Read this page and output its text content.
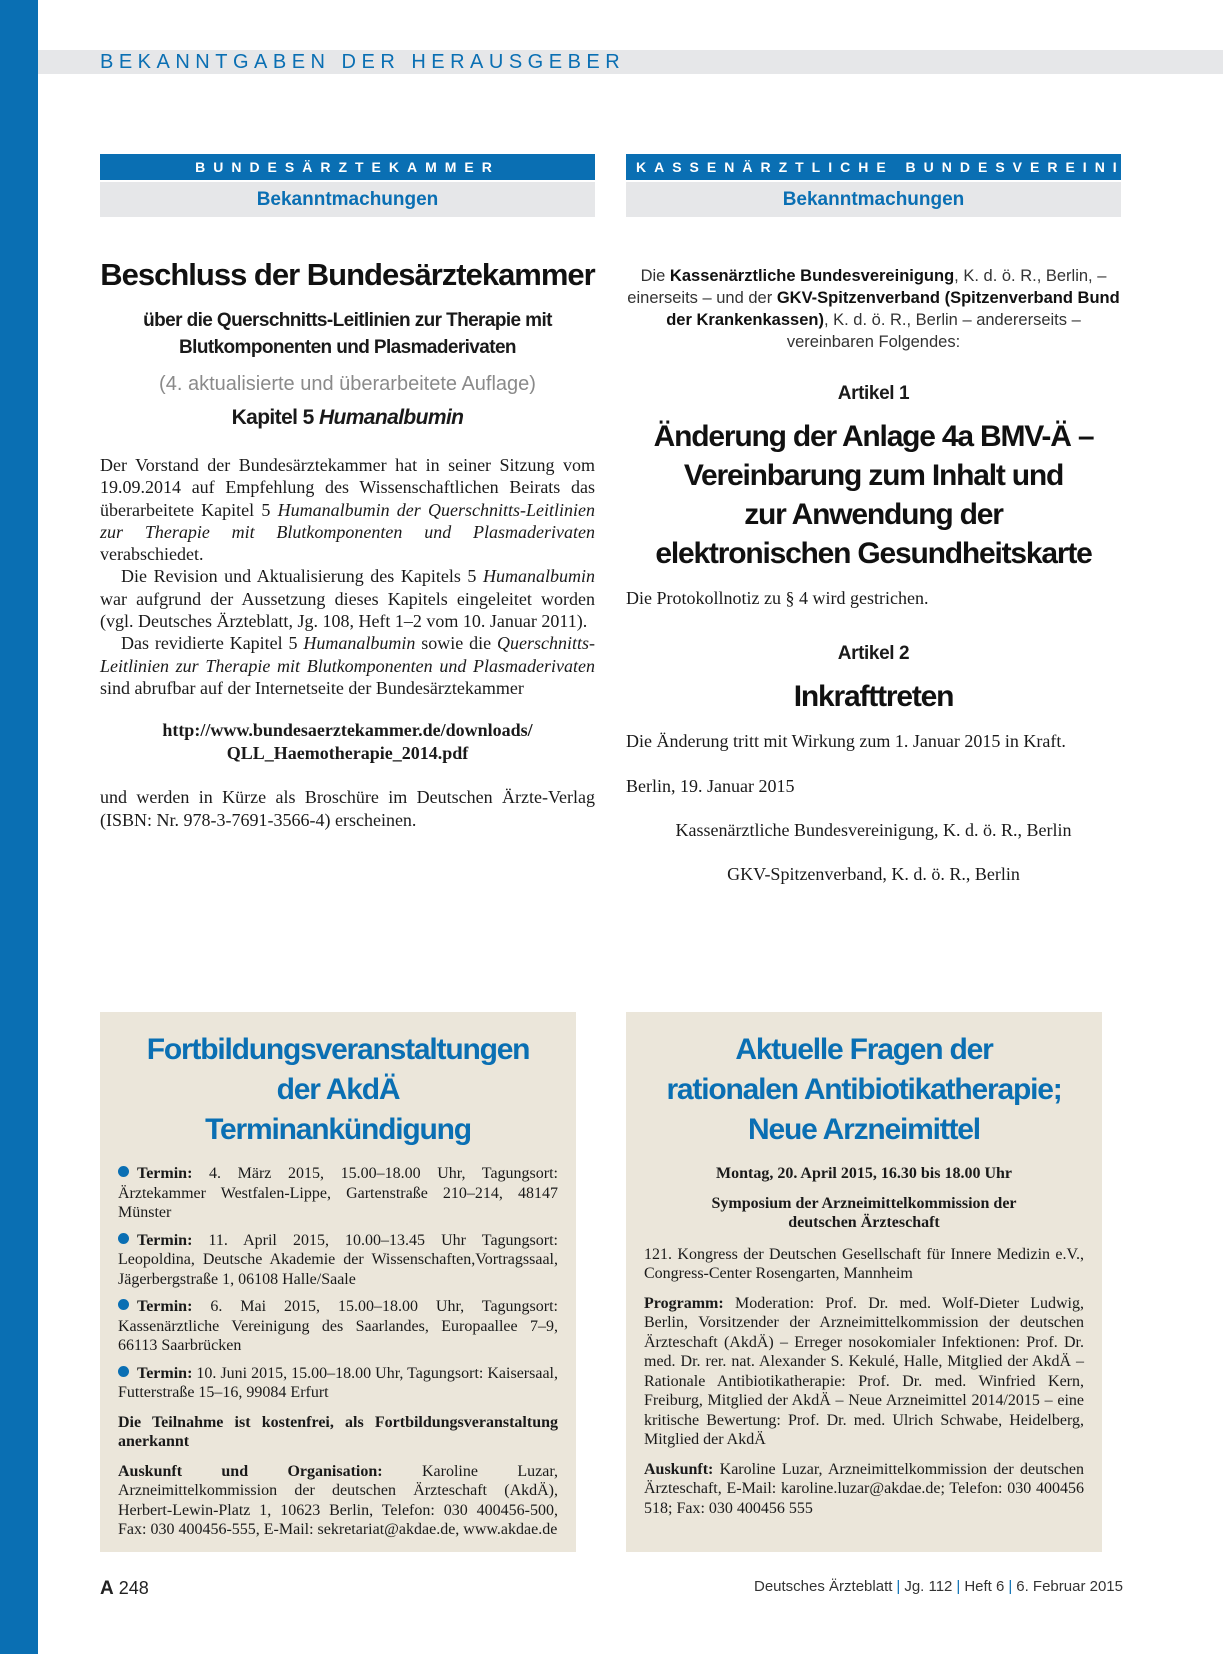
BEKANNTGABEN DER HERAUSGEBER
BUNDESÄRZTEKAMMER
Bekanntmachungen
Beschluss der Bundesärztekammer
über die Querschnitts-Leitlinien zur Therapie mit
Blutkomponenten und Plasmaderivaten
(4. aktualisierte und überarbeitete Auflage)
Kapitel 5 Humanalbumin

Der Vorstand der Bundesärztekammer hat in seiner Sitzung vom 19.09.2014 auf Empfehlung des Wissenschaftlichen Beirats das überarbeitete Kapitel 5 Humanalbumin der Querschnitts-Leitlinien zur Therapie mit Blutkomponenten und Plasmaderivaten verabschiedet.

Die Revision und Aktualisierung des Kapitels 5 Humanalbumin war aufgrund der Aussetzung dieses Kapitels eingeleitet worden (vgl. Deutsches Ärzteblatt, Jg. 108, Heft 1–2 vom 10. Januar 2011).

Das revidierte Kapitel 5 Humanalbumin sowie die Querschnitts-Leitlinien zur Therapie mit Blutkomponenten und Plasmaderivaten sind abrufbar auf der Internetseite der Bundesärztekammer

http://www.bundesaerztekammer.de/downloads/
QLL_Haemotherapie_2014.pdf

und werden in Kürze als Broschüre im Deutschen Ärzte-Verlag (ISBN: Nr. 978-3-7691-3566-4) erscheinen.

KASSENÄRZTLICHE BUNDESVEREINIGUNG
Bekanntmachungen
Die Kassenärztliche Bundesvereinigung, K. d. ö. R., Berlin, – einerseits – und der GKV-Spitzenverband (Spitzenverband Bund der Krankenkassen), K. d. ö. R., Berlin – andererseits – vereinbaren Folgendes:
Artikel 1
Änderung der Anlage 4a BMV-Ä –
Vereinbarung zum Inhalt und
zur Anwendung der
elektronischen Gesundheitskarte
Die Protokollnotiz zu § 4 wird gestrichen.
Artikel 2
Inkrafttreten
Die Änderung tritt mit Wirkung zum 1. Januar 2015 in Kraft.
Berlin, 19. Januar 2015
Kassenärztliche Bundesvereinigung, K. d. ö. R., Berlin
GKV-Spitzenverband, K. d. ö. R., Berlin
Fortbildungsveranstaltungen
der AkdÄ
Terminankündigung

Termin: 4. März 2015, 15.00–18.00 Uhr, Tagungsort: Ärztekammer Westfalen-Lippe, Gartenstraße 210–214, 48147 Münster

Termin: 11. April 2015, 10.00–13.45 Uhr Tagungsort: Leopoldina, Deutsche Akademie der Wissenschaften,Vortragssaal, Jägerbergstraße 1, 06108 Halle/Saale

Termin: 6. Mai 2015, 15.00–18.00 Uhr, Tagungsort: Kassenärztliche Vereinigung des Saarlandes, Europaallee 7–9, 66113 Saarbrücken

Termin: 10. Juni 2015, 15.00–18.00 Uhr, Tagungsort: Kaisersaal, Futterstraße 15–16, 99084 Erfurt

Die Teilnahme ist kostenfrei, als Fortbildungsveranstaltung anerkannt

Auskunft und Organisation: Karoline Luzar, Arzneimittelkommission der deutschen Ärzteschaft (AkdÄ), Herbert-Lewin-Platz 1, 10623 Berlin, Telefon: 030 400456-500, Fax: 030 400456-555, E-Mail: sekretariat@akdae.de, www.akdae.de

Aktuelle Fragen der
rationalen Antibiotikatherapie;
Neue Arzneimittel

Montag, 20. April 2015, 16.30 bis 18.00 Uhr

Symposium der Arzneimittelkommission der
deutschen Ärzteschaft

121. Kongress der Deutschen Gesellschaft für Innere Medizin e.V., Congress-Center Rosengarten, Mannheim

Programm: Moderation: Prof. Dr. med. Wolf-Dieter Ludwig, Berlin, Vorsitzender der Arzneimittelkommission der deutschen Ärzteschaft (AkdÄ) – Erreger nosokomialer Infektionen: Prof. Dr. med. Dr. rer. nat. Alexander S. Kekulé, Halle, Mitglied der AkdÄ – Rationale Antibiotikatherapie: Prof. Dr. med. Winfried Kern, Freiburg, Mitglied der AkdÄ – Neue Arzneimittel 2014/2015 – eine kritische Bewertung: Prof. Dr. med. Ulrich Schwabe, Heidelberg, Mitglied der AkdÄ

Auskunft: Karoline Luzar, Arzneimittelkommission der deutschen Ärzteschaft, E-Mail: karoline.luzar@akdae.de; Telefon: 030 400456 518; Fax: 030 400456 555

A 248	Deutsches Ärzteblatt | Jg. 112 | Heft 6 | 6. Februar 2015
